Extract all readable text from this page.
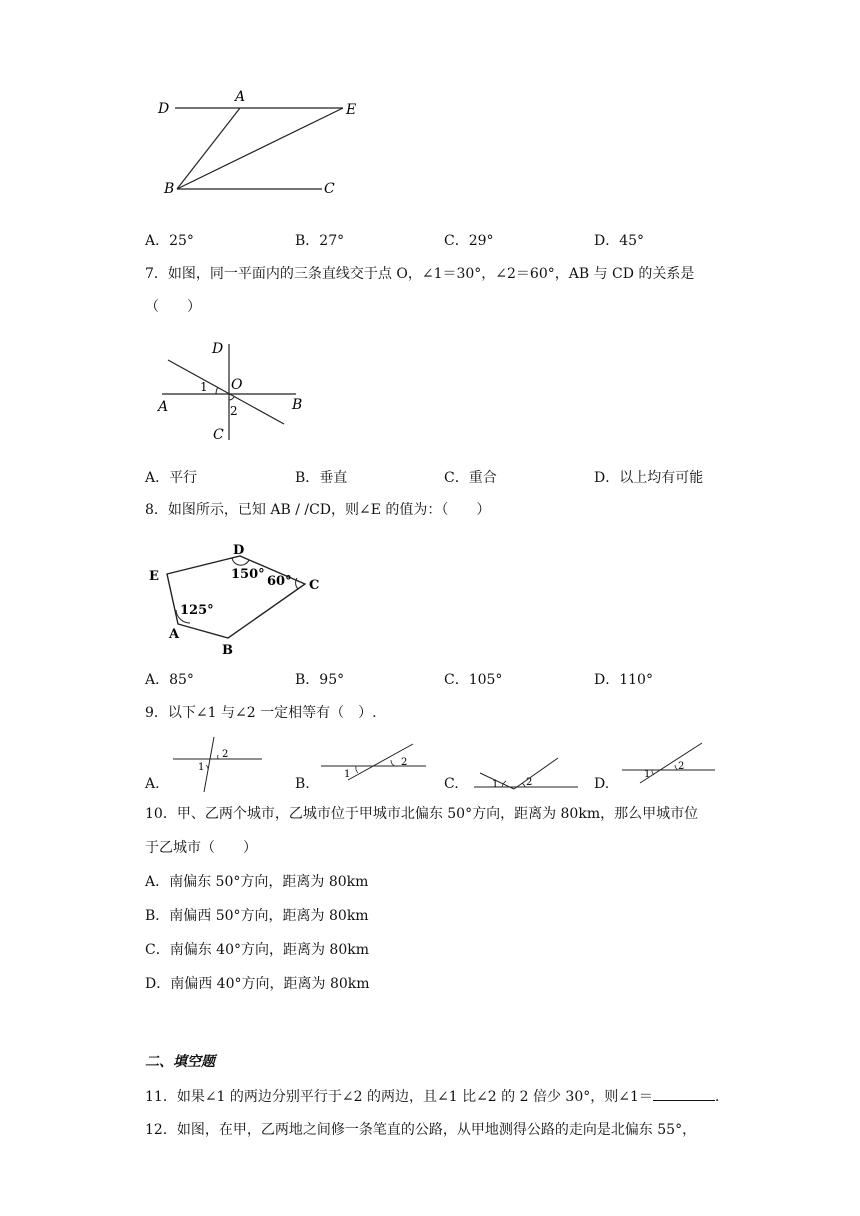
D
A
E
B	C
A．25°	B．27°	C．29°	D．45°
7．如图，同一平面内的三条直线交于点 O，∠1＝30°，∠2＝60°，AB 与 CD 的关系是
（　　）
D
O
1
2
A	B
C
A．平行	B．垂直	C．重合	D．以上均有可能
8．如图所示，已知 AB / /CD，则∠E 的值为：（　　）
D
E
C
A
B
150° 60°
125°
A．85°	B．95°	C．105°	D．110°
9．以下∠1 与∠2 一定相等有（　）.
A.
1
2
B.
1
2
C.	1	2	D.
1
2
10．甲、乙两个城市，乙城市位于甲城市北偏东 50°方向，距离为 80km，那么甲城市位
于乙城市（　　）
A．南偏东 50°方向，距离为 80km
B．南偏西 50°方向，距离为 80km
C．南偏东 40°方向，距离为 80km
D．南偏西 40°方向，距离为 80km
二、填空题
11．如果∠1 的两边分别平行于∠2 的两边，且∠1 比∠2 的 2 倍少 30°，则∠1＝	.
12．如图，在甲，乙两地之间修一条笔直的公路，从甲地测得公路的走向是北偏东 55°，
